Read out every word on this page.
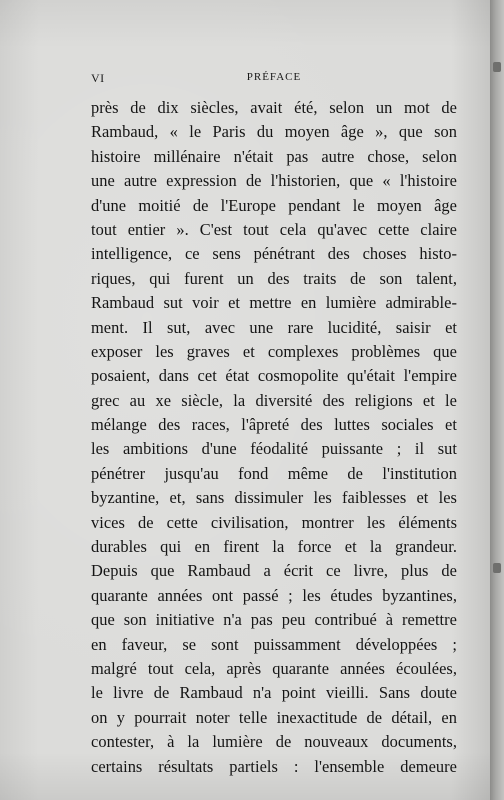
VI	PRÉFACE
près de dix siècles, avait été, selon un mot de
Rambaud, « le Paris du moyen âge », que son
histoire millénaire n'était pas autre chose, selon
une autre expression de l'historien, que « l'histoire
d'une moitié de l'Europe pendant le moyen âge
tout entier ». C'est tout cela qu'avec cette claire
intelligence, ce sens pénétrant des choses histo-
riques, qui furent un des traits de son talent,
Rambaud sut voir et mettre en lumière admirable-
ment. Il sut, avec une rare lucidité, saisir et
exposer les graves et complexes problèmes que
posaient, dans cet état cosmopolite qu'était l'empire
grec au xe siècle, la diversité des religions et le
mélange des races, l'âpreté des luttes sociales et
les ambitions d'une féodalité puissante ; il sut
pénétrer jusqu'au fond même de l'institution
byzantine, et, sans dissimuler les faiblesses et les
vices de cette civilisation, montrer les éléments
durables qui en firent la force et la grandeur.
Depuis que Rambaud a écrit ce livre, plus de
quarante années ont passé ; les études byzantines,
que son initiative n'a pas peu contribué à remettre
en faveur, se sont puissamment développées ;
malgré tout cela, après quarante années écoulées,
le livre de Rambaud n'a point vieilli. Sans doute
on y pourrait noter telle inexactitude de détail, en
contester, à la lumière de nouveaux documents,
certains résultats partiels : l'ensemble demeure
